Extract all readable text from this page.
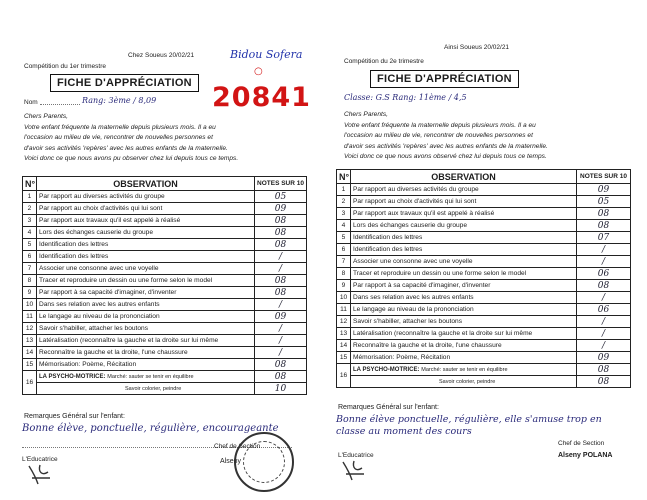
Chez Soueus 20/02/21
Compétition du 1er trimestre
FICHE D'APPRÉCIATION
Nom	Rang: 3ème / 8,09
Chers Parents,
Votre enfant fréquente la maternelle depuis plusieurs mois. Il a eu
l'occasion au milieu de vie, rencontrer de nouvelles personnes et
d'avoir ses activités 'repères' avec les autres enfants de la maternelle.
Voici donc ce que nous avons pu observer chez lui depuis tous ce temps.
N°	OBSERVATION	NOTES SUR 10
1	Par rapport au diverses activités du groupe	05
2	Par rapport au choix d'activités qui lui sont	09
3	Par rapport aux travaux qu'il est appelé à réalisé	08
4	Lors des échanges causerie du groupe	08
5	Identification des lettres	08
6	Identification des lettres	/
7	Associer une consonne avec une voyelle	/
8	Tracer et reproduire un dessin ou une forme selon le model	08
9	Par rapport à sa capacité d'imaginer, d'inventer	08
10	Dans ses relation avec les autres enfants	/
11	Le langage au niveau de la prononciation	09
12	Savoir s'habiller, attacher les boutons	/
13	Latéralisation (reconnaître la gauche et la droite sur lui même	/
14	Reconnaître la gauche et la droite, l'une chaussure	/
15	Mémorisation: Poème, Récitation	08
16	LA PSYCHO-MOTRICE: Marché: sauter se tenir en équilibre	08
	Savoir colorier, peindre	10
Remarques Général sur l'enfant:
Bonne élève, ponctuelle, régulière, encourageante
L'Educatrice
Chef de Section
Alseny
Bidou Sofera
○
20841
Ainsi Soueus 20/02/21
Compétition du 2e trimestre
FICHE D'APPRÉCIATION
Classe: G.S Rang: 11ème / 4,5
Chers Parents,
Votre enfant fréquente la maternelle depuis plusieurs mois. Il a eu
l'occasion au milieu de vie, rencontrer de nouvelles personnes et
d'avoir ses activités 'repères' avec les autres enfants de la maternelle.
Voici donc ce que nous avons observé chez lui depuis tous ce temps.
N°	OBSERVATION	NOTES SUR 10
1	Par rapport au diverses activités du groupe	09
2	Par rapport au choix d'activités qui lui sont	05
3	Par rapport aux travaux qu'il est appelé à réalisé	08
4	Lors des échanges causerie du groupe	08
5	Identification des lettres	07
6	Identification des lettres	/
7	Associer une consonne avec une voyelle	/
8	Tracer et reproduire un dessin ou une forme selon le model	06
9	Par rapport à sa capacité d'imaginer, d'inventer	08
10	Dans ses relation avec les autres enfants	/
11	Le langage au niveau de la prononciation	06
12	Savoir s'habiller, attacher les boutons	/
13	Latéralisation (reconnaître la gauche et la droite sur lui même	/
14	Reconnaître la gauche et la droite, l'une chaussure	/
15	Mémorisation: Poème, Récitation	09
16	LA PSYCHO-MOTRICE: Marché: sauter se tenir en équilibre	08
	Savoir colorier, peindre	08
Remarques Général sur l'enfant:
Bonne élève ponctuelle, régulière, elle s'amuse trop en classe au moment des cours
L'Educatrice
Chef de Section
Alseny POLANA
